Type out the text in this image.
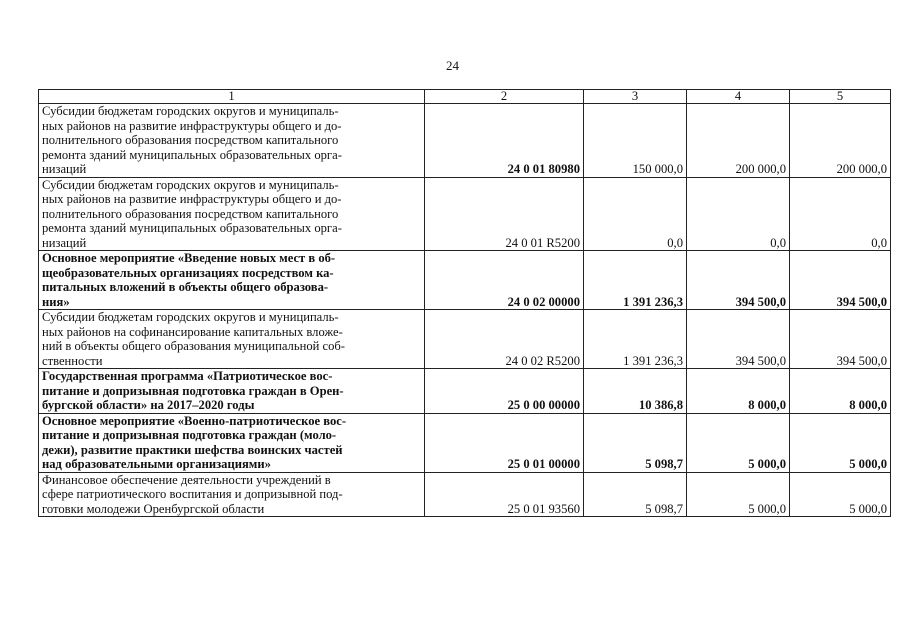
24
1	2	3	4	5

Субсидии бюджетам городских округов и муниципаль-
ных районов на развитие инфраструктуры общего и до-
полнительного образования посредством капитального
ремонта зданий муниципальных образовательных орга-
низаций	24 0 01 80980	150 000,0	200 000,0	200 000,0

Субсидии бюджетам городских округов и муниципаль-
ных районов на развитие инфраструктуры общего и до-
полнительного образования посредством капитального
ремонта зданий муниципальных образовательных орга-
низаций	24 0 01 R5200	0,0	0,0	0,0

Основное мероприятие «Введение новых мест в об-
щеобразовательных организациях посредством ка-
питальных вложений в объекты общего образова-
ния»	24 0 02 00000	1 391 236,3	394 500,0	394 500,0

Субсидии бюджетам городских округов и муниципаль-
ных районов на софинансирование капитальных вложе-
ний в объекты общего образования муниципальной соб-
ственности	24 0 02 R5200	1 391 236,3	394 500,0	394 500,0

Государственная программа «Патриотическое вос-
питание и допризывная подготовка граждан в Орен-
бургской области» на 2017–2020 годы	25 0 00 00000	10 386,8	8 000,0	8 000,0

Основное мероприятие «Военно-патриотическое вос-
питание и допризывная подготовка граждан (моло-
дежи), развитие практики шефства воинских частей
над образовательными организациями»	25 0 01 00000	5 098,7	5 000,0	5 000,0

Финансовое обеспечение деятельности учреждений в
сфере патриотического воспитания и допризывной под-
готовки молодежи Оренбургской области	25 0 01 93560	5 098,7	5 000,0	5 000,0
